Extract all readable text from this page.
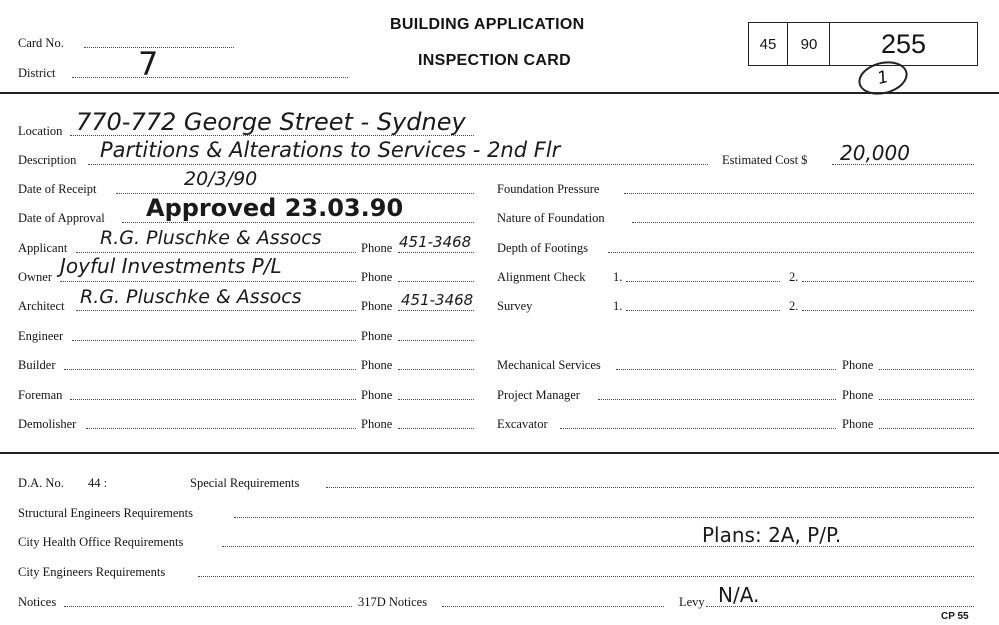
Card No.
District	7
BUILDING APPLICATION
INSPECTION CARD
45	90	255
1
Location 770-772 George Street - Sydney
Description Partitions & Alterations to Services - 2nd Flr	Estimated Cost $ 20,000
Date of Receipt	20/3/90
Date of Approval Approved 23.03.90
Applicant R.G. Pluschke & Assocs	Phone 451-3468
Owner Joyful Investments P/L	Phone
Architect R.G. Pluschke & Assocs	Phone 451-3468
Engineer	Phone
Builder	Phone
Foreman	Phone
Demolisher	Phone
Foundation Pressure
Nature of Foundation
Depth of Footings
Alignment Check 1.	2.
Survey	1.	2.
Mechanical Services	Phone
Project Manager	Phone
Excavator	Phone
D.A. No. 44 :	Special Requirements
Structural Engineers Requirements
City Health Office Requirements	Plans: 2A, P/P.
City Engineers Requirements
Notices	317D Notices	Levy N/A.
CP 55
